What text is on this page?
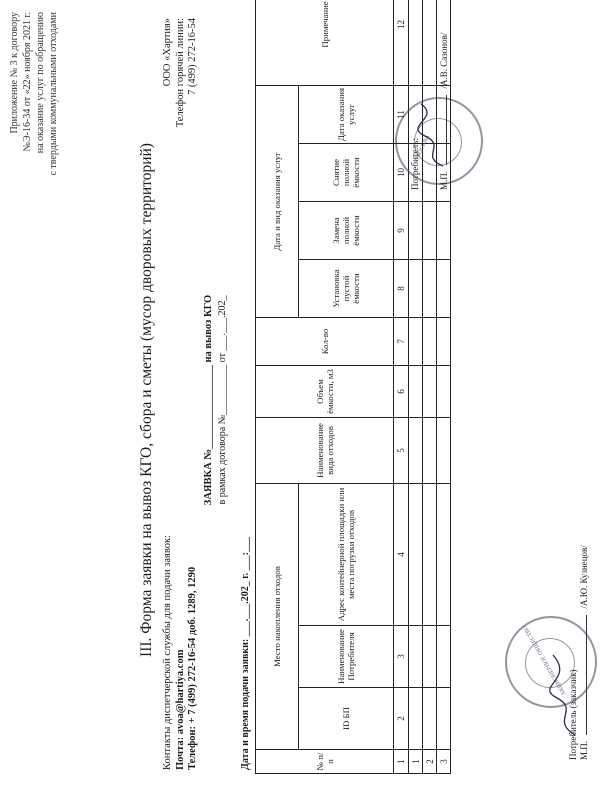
Приложение № 3 к договору №Э-16-34 от «22» ноября 2021 г. на оказание услуг по обращению с твердыми коммунальными отходами
III. Форма заявки на вывоз КГО, сбора и сметы (мусор дворовых территорий) Контакты диспетчерской службы для подачи заявок: Почта: avoa@hartiya.com Телефон: + 7 (499) 272-16-54 доб. 1289, 1290
ООО «Хартия» Телефон горячей линии: 7 (499) 272-16-54
ЗАЯВКА №________________ на вывоз КГО в рамках договора №__________ от ___.___.202_
Дата и время подачи заявки: ___.___.202_ г. ___:___	№ п/п	Место накопления отходов			Наименование вида отходов	Объем ёмкости, м3	Кол-во	Дата и вид оказания услуг				Примечание
	ID БП	Наименование Потребителя	Адрес контейнерной площадки или места погрузки отходов				Установка пустой ёмкости	Замена полной ёмкости	Снятие полной ёмкости	Дата оказания услуг	
1	2	3	4	5	6	7	8	9	10	11	12
1											
2											
3											
Потребитель (заказчик) М.П.  /А.Ю. Кузнецов/
АКЦИОНЕРНОЕ ОБЩЕСТВО
Потребитель: М.П.  /А.В. Сазонов/
МОСКВА
